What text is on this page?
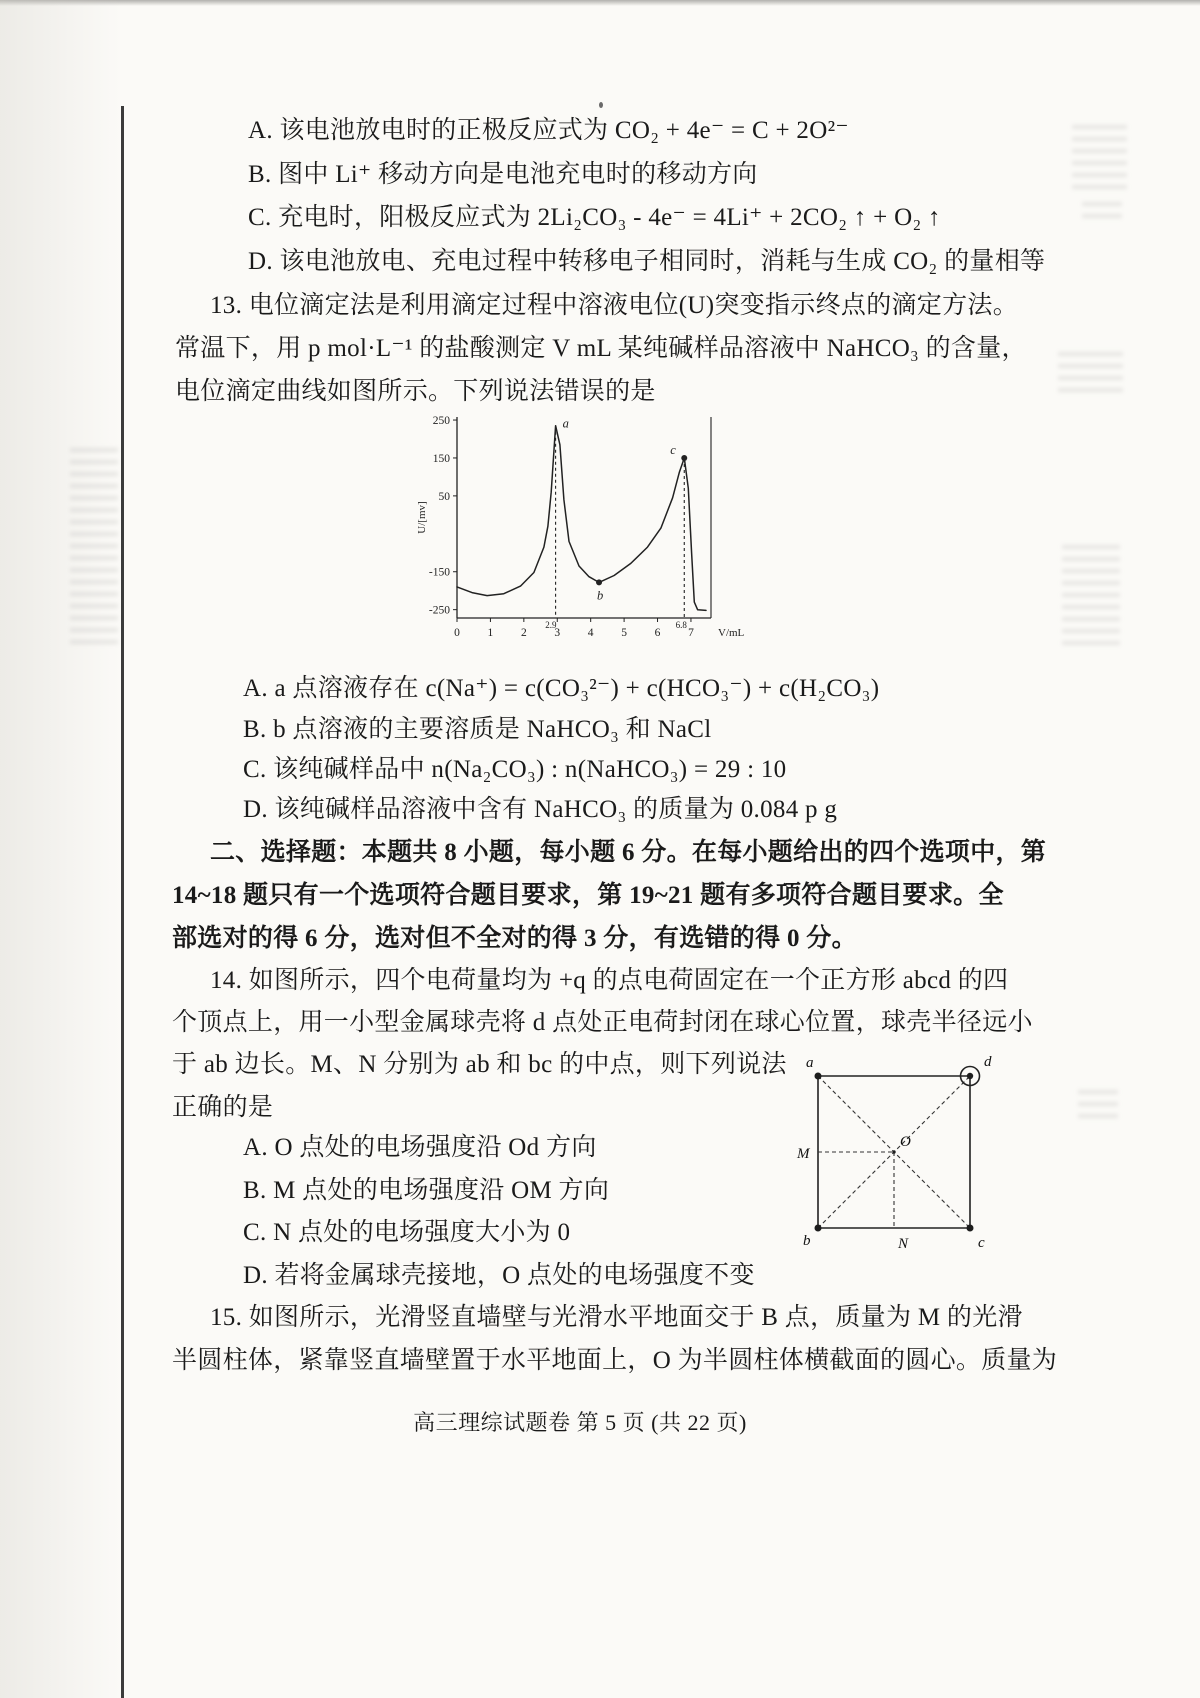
A. 该电池放电时的正极反应式为 CO₂ + 4e⁻ = C + 2O²⁻
B. 图中 Li⁺ 移动方向是电池充电时的移动方向
C. 充电时，阳极反应式为 2Li₂CO₃ - 4e⁻ = 4Li⁺ + 2CO₂ ↑ + O₂ ↑
D. 该电池放电、充电过程中转移电子相同时，消耗与生成 CO₂ 的量相等
13. 电位滴定法是利用滴定过程中溶液电位(U)突变指示终点的滴定方法。
常温下，用 p mol·L⁻¹ 的盐酸测定 V mL 某纯碱样品溶液中 NaHCO₃ 的含量，
电位滴定曲线如图所示。下列说法错误的是
250
150
50
-150
-250
0 1 2 3 4 5 6 7
2.9	6.8
V/mL
U/[mv]
a
b
c
A. a 点溶液存在 c(Na⁺) = c(CO₃²⁻) + c(HCO₃⁻) + c(H₂CO₃)
B. b 点溶液的主要溶质是 NaHCO₃ 和 NaCl
C. 该纯碱样品中 n(Na₂CO₃) : n(NaHCO₃) = 29 : 10
D. 该纯碱样品溶液中含有 NaHCO₃ 的质量为 0.084 p g
二、选择题：本题共 8 小题，每小题 6 分。在每小题给出的四个选项中，第
14~18 题只有一个选项符合题目要求，第 19~21 题有多项符合题目要求。全
部选对的得 6 分，选对但不全对的得 3 分，有选错的得 0 分。
14. 如图所示，四个电荷量均为 +q 的点电荷固定在一个正方形 abcd 的四
个顶点上，用一小型金属球壳将 d 点处正电荷封闭在球心位置，球壳半径远小
于 ab 边长。M、N 分别为 ab 和 bc 的中点，则下列说法
正确的是
a	d
b	c
M
N
O
A. O 点处的电场强度沿 Od 方向
B. M 点处的电场强度沿 OM 方向
C. N 点处的电场强度大小为 0
D. 若将金属球壳接地，O 点处的电场强度不变
15. 如图所示，光滑竖直墙壁与光滑水平地面交于 B 点，质量为 M 的光滑
半圆柱体，紧靠竖直墙壁置于水平地面上，O 为半圆柱体横截面的圆心。质量为
高三理综试题卷 第 5 页 (共 22 页)
